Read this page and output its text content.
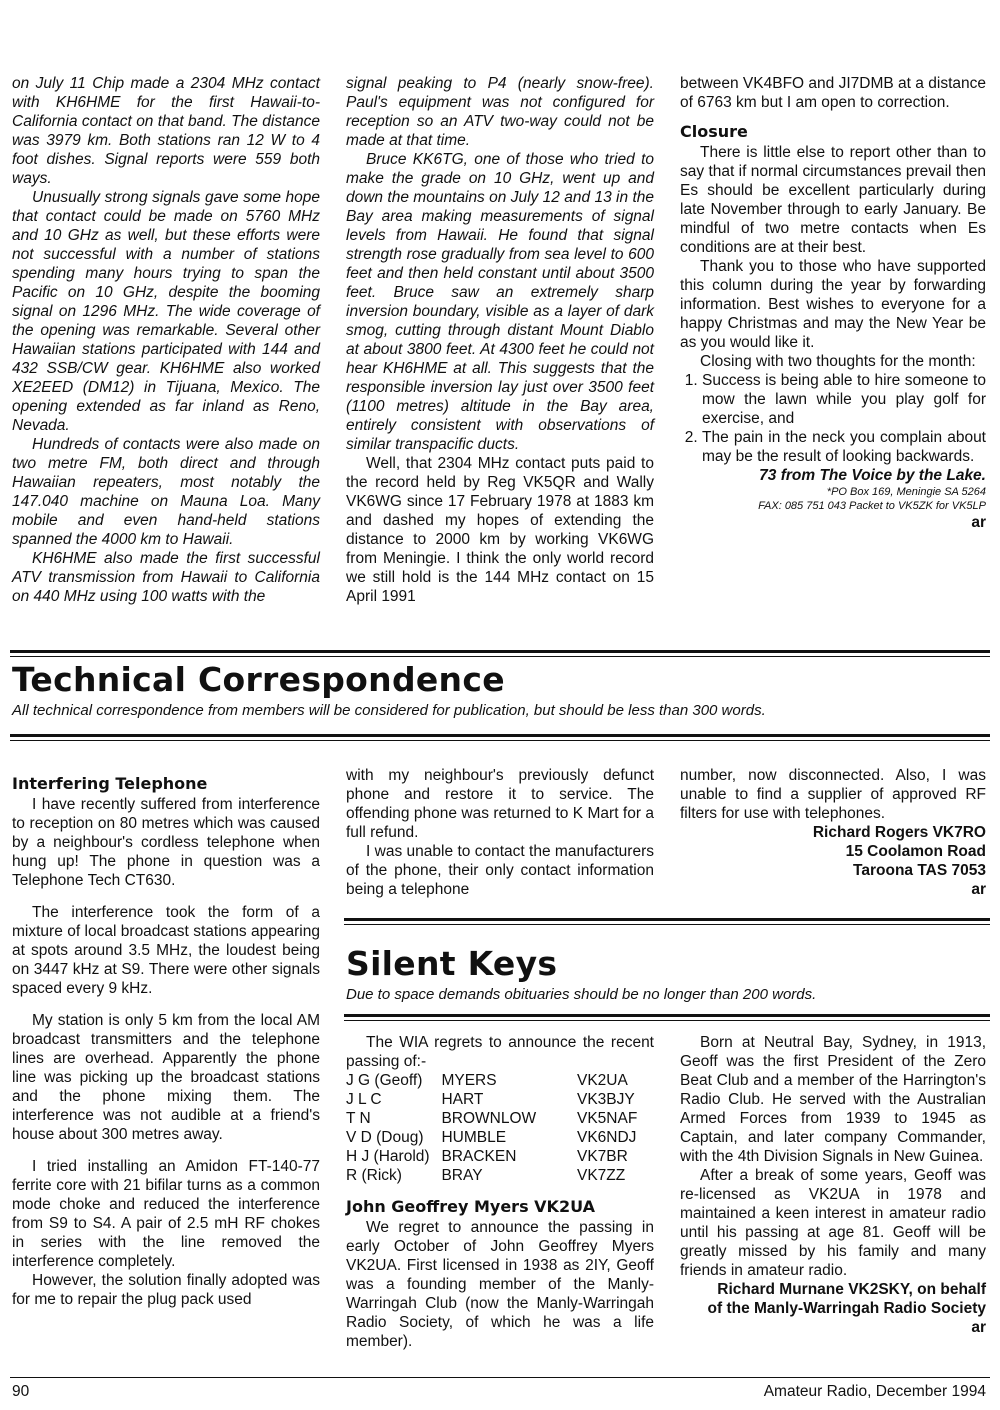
on July 11 Chip made a 2304 MHz contact with KH6HME for the first Hawaii-to-California contact on that band. The distance was 3979 km. Both stations ran 12 W to 4 foot dishes. Signal reports were 559 both ways.

Unusually strong signals gave some hope that contact could be made on 5760 MHz and 10 GHz as well, but these efforts were not successful with a number of stations spending many hours trying to span the Pacific on 10 GHz, despite the booming signal on 1296 MHz. The wide coverage of the opening was remarkable. Several other Hawaiian stations participated with 144 and 432 SSB/CW gear. KH6HME also worked XE2EED (DM12) in Tijuana, Mexico. The opening extended as far inland as Reno, Nevada.

Hundreds of contacts were also made on two metre FM, both direct and through Hawaiian repeaters, most notably the 147.040 machine on Mauna Loa. Many mobile and even hand-held stations spanned the 4000 km to Hawaii.

KH6HME also made the first successful ATV transmission from Hawaii to California on 440 MHz using 100 watts with the

signal peaking to P4 (nearly snow-free). Paul's equipment was not configured for reception so an ATV two-way could not be made at that time.

Bruce KK6TG, one of those who tried to make the grade on 10 GHz, went up and down the mountains on July 12 and 13 in the Bay area making measurements of signal levels from Hawaii. He found that signal strength rose gradually from sea level to 600 feet and then held constant until about 3500 feet. Bruce saw an extremely sharp inversion boundary, visible as a layer of dark smog, cutting through distant Mount Diablo at about 3800 feet. At 4300 feet he could not hear KH6HME at all. This suggests that the responsible inversion lay just over 3500 feet (1100 metres) altitude in the Bay area, entirely consistent with observations of similar transpacific ducts.

Well, that 2304 MHz contact puts paid to the record held by Reg VK5QR and Wally VK6WG since 17 February 1978 at 1883 km and dashed my hopes of extending the distance to 2000 km by working VK6WG from Meningie. I think the only world record we still hold is the 144 MHz contact on 15 April 1991

between VK4BFO and JI7DMB at a distance of 6763 km but I am open to correction.

Closure

There is little else to report other than to say that if normal circumstances prevail then Es should be excellent particularly during late November through to early January. Be mindful of two metre contacts when Es conditions are at their best.

Thank you to those who have supported this column during the year by forwarding information. Best wishes to everyone for a happy Christmas and may the New Year be as you would like it.

Closing with two thoughts for the month:

1. Success is being able to hire someone to mow the lawn while you play golf for exercise, and
2. The pain in the neck you complain about may be the result of looking backwards.
73 from The Voice by the Lake.
*PO Box 169, Meningie SA 5264
FAX: 085 751 043 Packet to VK5ZK for VK5LP
ar
Technical Correspondence
All technical correspondence from members will be considered for publication, but should be less than 300 words.
Interfering Telephone

I have recently suffered from interference to reception on 80 metres which was caused by a neighbour's cordless telephone when hung up! The phone in question was a Telephone Tech CT630.

The interference took the form of a mixture of local broadcast stations appearing at spots around 3.5 MHz, the loudest being on 3447 kHz at S9. There were other signals spaced every 9 kHz.

My station is only 5 km from the local AM broadcast transmitters and the telephone lines are overhead. Apparently the phone line was picking up the broadcast stations and the phone mixing them. The interference was not audible at a friend's house about 300 metres away.

I tried installing an Amidon FT-140-77 ferrite core with 21 bifilar turns as a common mode choke and reduced the interference from S9 to S4. A pair of 2.5 mH RF chokes in series with the line removed the interference completely.

However, the solution finally adopted was for me to repair the plug pack used

with my neighbour's previously defunct phone and restore it to service. The offending phone was returned to K Mart for a full refund.

I was unable to contact the manufacturers of the phone, their only contact information being a telephone

number, now disconnected. Also, I was unable to find a supplier of approved RF filters for use with telephones.

Richard Rogers VK7RO
15 Coolamon Road
Taroona TAS 7053
ar
Silent Keys
Due to space demands obituaries should be no longer than 200 words.

The WIA regrets to announce the recent passing of:-

J G (Geoff)	MYERS	VK2UA
J L C	HART	VK3BJY
T N	BROWNLOW	VK5NAF
V D (Doug)	HUMBLE	VK6NDJ
H J (Harold)	BRACKEN	VK7BR
R (Rick)	BRAY	VK7ZZ
John Geoffrey Myers VK2UA

We regret to announce the passing in early October of John Geoffrey Myers VK2UA. First licensed in 1938 as 2IY, Geoff was a founding member of the Manly-Warringah Club (now the Manly-Warringah Radio Society, of which he was a life member).

Born at Neutral Bay, Sydney, in 1913, Geoff was the first President of the Zero Beat Club and a member of the Harrington's Radio Club. He served with the Australian Armed Forces from 1939 to 1945 as Captain, and later company Commander, with the 4th Division Signals in New Guinea.

After a break of some years, Geoff was re-licensed as VK2UA in 1978 and maintained a keen interest in amateur radio until his passing at age 81. Geoff will be greatly missed by his family and many friends in amateur radio.

Richard Murnane VK2SKY, on behalf
of the Manly-Warringah Radio Society
ar
90	Amateur Radio, December 1994
